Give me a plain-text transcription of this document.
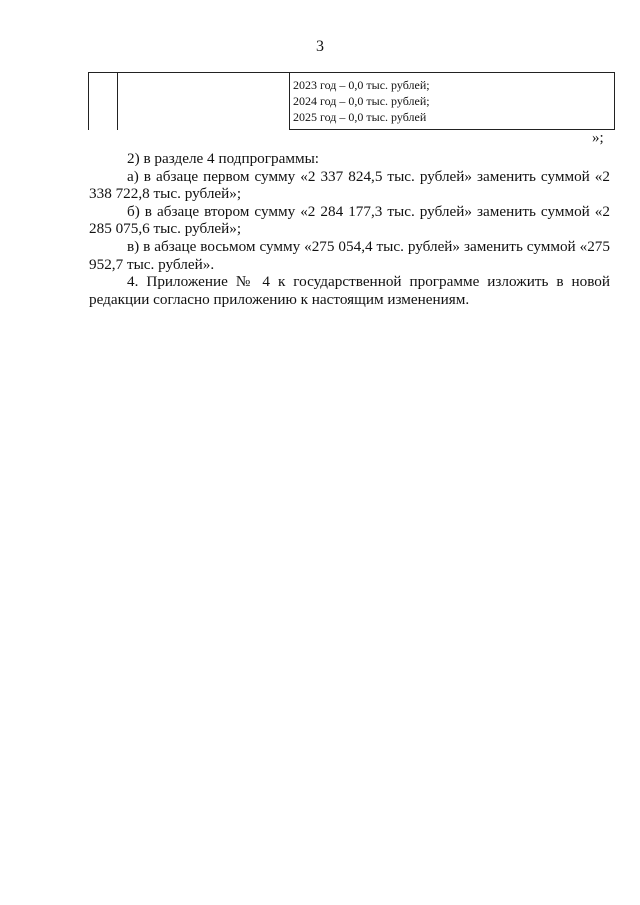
3

2023 год – 0,0 тыс. рублей;
2024 год – 0,0 тыс. рублей;
2025 год – 0,0 тыс. рублей
»;

2) в разделе 4 подпрограммы:

а) в абзаце первом сумму «2 337 824,5 тыс. рублей» заменить суммой «2 338 722,8 тыс. рублей»;

б) в абзаце втором сумму «2 284 177,3 тыс. рублей» заменить суммой «2 285 075,6 тыс. рублей»;

в) в абзаце восьмом сумму «275 054,4 тыс. рублей» заменить суммой «275 952,7 тыс. рублей».

4. Приложение № 4 к государственной программе изложить в новой редакции согласно приложению к настоящим изменениям.
